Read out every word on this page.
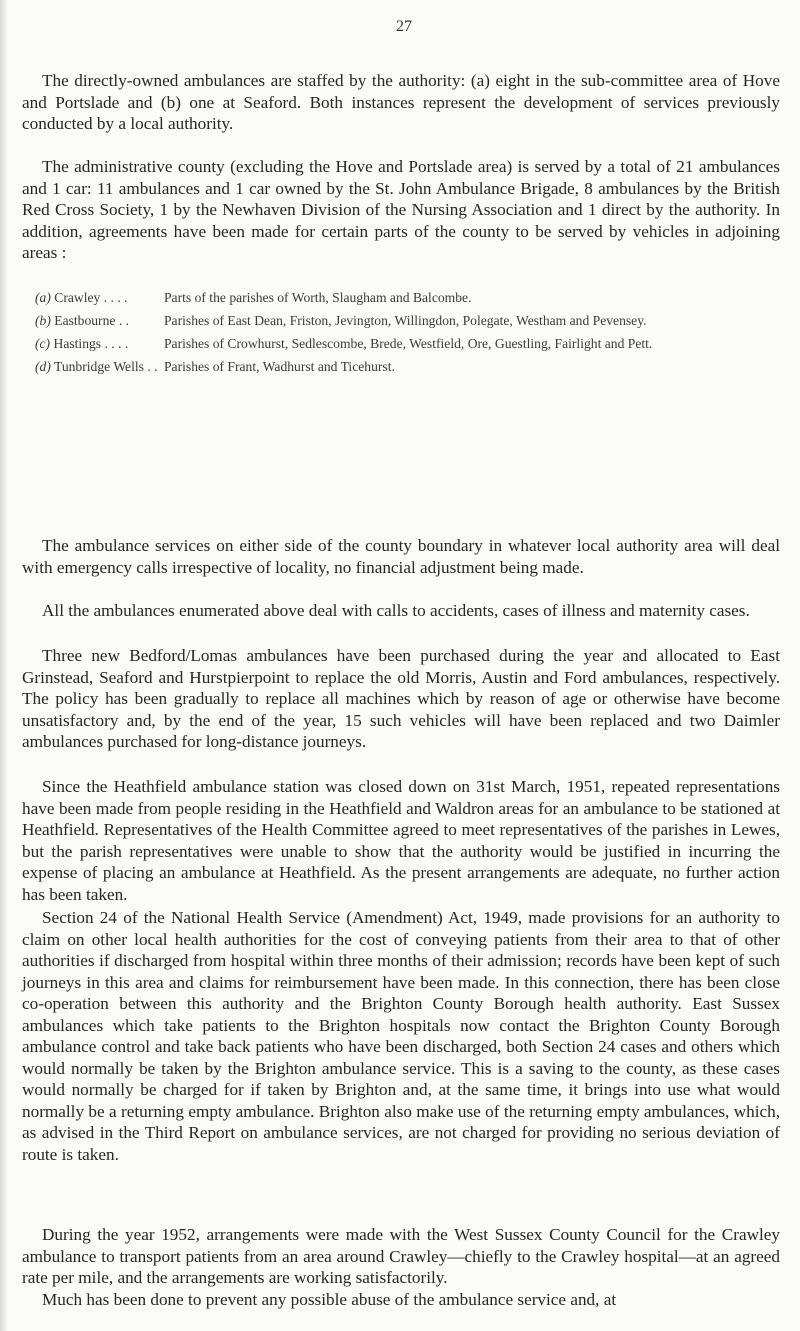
27

The directly-owned ambulances are staffed by the authority: (a) eight in the sub-committee area of Hove and Portslade and (b) one at Seaford. Both instances represent the development of services previously conducted by a local authority.

The administrative county (excluding the Hove and Portslade area) is served by a total of 21 ambulances and 1 car: 11 ambulances and 1 car owned by the St. John Ambulance Brigade, 8 ambulances by the British Red Cross Society, 1 by the Newhaven Division of the Nursing Association and 1 direct by the authority. In addition, agreements have been made for certain parts of the county to be served by vehicles in adjoining areas :

(a) Crawley . . . .	Parts of the parishes of Worth, Slaugham and Balcombe.
(b) Eastbourne . .	Parishes of East Dean, Friston, Jevington, Willingdon, Polegate, Westham and Pevensey.
(c) Hastings . . . .	Parishes of Crowhurst, Sedlescombe, Brede, Westfield, Ore, Guestling, Fairlight and Pett.
(d) Tunbridge Wells . . Parishes of Frant, Wadhurst and Ticehurst.

The ambulance services on either side of the county boundary in whatever local authority area will deal with emergency calls irrespective of locality, no financial adjustment being made.

All the ambulances enumerated above deal with calls to accidents, cases of illness and maternity cases.

Three new Bedford/Lomas ambulances have been purchased during the year and allocated to East Grinstead, Seaford and Hurstpierpoint to replace the old Morris, Austin and Ford ambulances, respectively. The policy has been gradually to replace all machines which by reason of age or otherwise have become unsatisfactory and, by the end of the year, 15 such vehicles will have been replaced and two Daimler ambulances purchased for long-distance journeys.

Since the Heathfield ambulance station was closed down on 31st March, 1951, repeated representations have been made from people residing in the Heathfield and Waldron areas for an ambulance to be stationed at Heathfield. Representatives of the Health Committee agreed to meet representatives of the parishes in Lewes, but the parish representatives were unable to show that the authority would be justified in incurring the expense of placing an ambulance at Heathfield. As the present arrangements are adequate, no further action has been taken.

Section 24 of the National Health Service (Amendment) Act, 1949, made provisions for an authority to claim on other local health authorities for the cost of conveying patients from their area to that of other authorities if discharged from hospital within three months of their admission; records have been kept of such journeys in this area and claims for reimbursement have been made. In this connection, there has been close co-operation between this authority and the Brighton County Borough health authority. East Sussex ambulances which take patients to the Brighton hospitals now contact the Brighton County Borough ambulance control and take back patients who have been discharged, both Section 24 cases and others which would normally be taken by the Brighton ambulance service. This is a saving to the county, as these cases would normally be charged for if taken by Brighton and, at the same time, it brings into use what would normally be a returning empty ambulance. Brighton also make use of the returning empty ambulances, which, as advised in the Third Report on ambulance services, are not charged for providing no serious deviation of route is taken.

During the year 1952, arrangements were made with the West Sussex County Council for the Crawley ambulance to transport patients from an area around Crawley—chiefly to the Crawley hospital—at an agreed rate per mile, and the arrangements are working satisfactorily.

Much has been done to prevent any possible abuse of the ambulance service and, at
